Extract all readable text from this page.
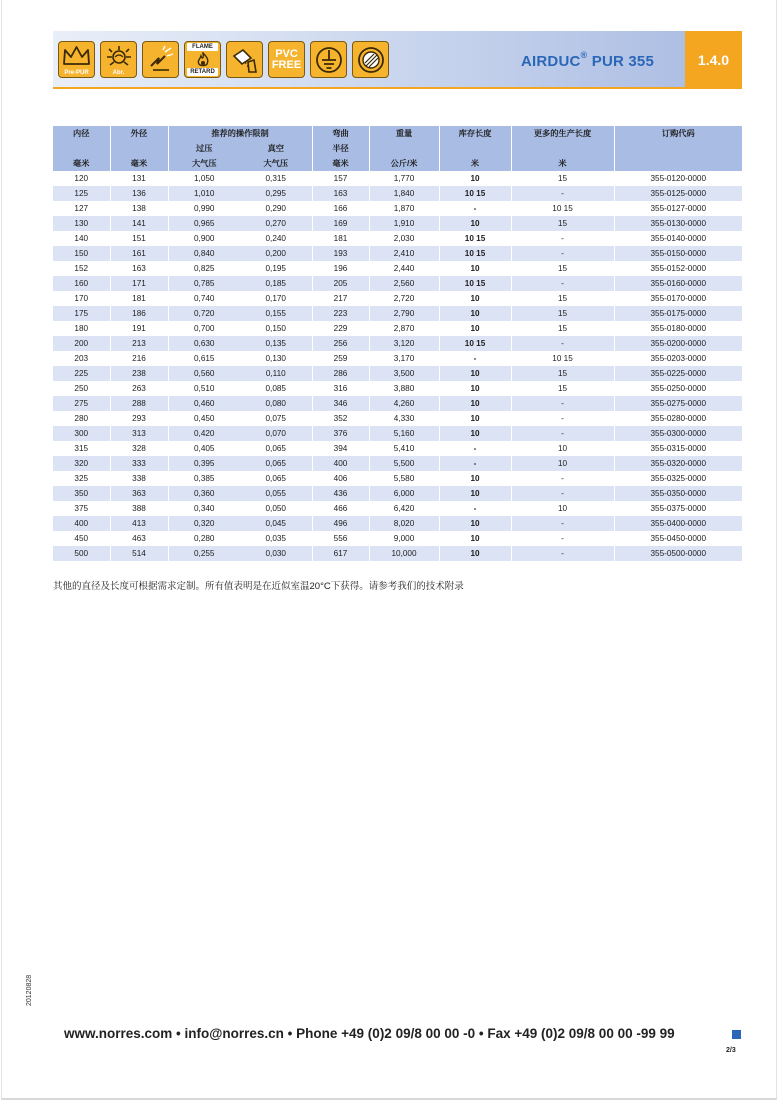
Pre-PUR	Abr.
FLAME
RETARD
PVC
FREE	AIRDUC® PUR 355	1.4.0
内径	外径	推荐的操作限制		弯曲	重量	库存长度	更多的生产长度	订购代码
		过压	真空	半径				
毫米	毫米	大气压	大气压	毫米	公斤/米	米	米	
120	131	1,050	0,315	157	1,770	10	15	355-0120-0000
125	136	1,010	0,295	163	1,840	10 15	-	355-0125-0000
127	138	0,990	0,290	166	1,870	-	10 15	355-0127-0000
130	141	0,965	0,270	169	1,910	10	15	355-0130-0000
140	151	0,900	0,240	181	2,030	10 15	-	355-0140-0000
150	161	0,840	0,200	193	2,410	10 15	-	355-0150-0000
152	163	0,825	0,195	196	2,440	10	15	355-0152-0000
160	171	0,785	0,185	205	2,560	10 15	-	355-0160-0000
170	181	0,740	0,170	217	2,720	10	15	355-0170-0000
175	186	0,720	0,155	223	2,790	10	15	355-0175-0000
180	191	0,700	0,150	229	2,870	10	15	355-0180-0000
200	213	0,630	0,135	256	3,120	10 15	-	355-0200-0000
203	216	0,615	0,130	259	3,170	-	10 15	355-0203-0000
225	238	0,560	0,110	286	3,500	10	15	355-0225-0000
250	263	0,510	0,085	316	3,880	10	15	355-0250-0000
275	288	0,460	0,080	346	4,260	10	-	355-0275-0000
280	293	0,450	0,075	352	4,330	10	-	355-0280-0000
300	313	0,420	0,070	376	5,160	10	-	355-0300-0000
315	328	0,405	0,065	394	5,410	-	10	355-0315-0000
320	333	0,395	0,065	400	5,500	-	10	355-0320-0000
325	338	0,385	0,065	406	5,580	10	-	355-0325-0000
350	363	0,360	0,055	436	6,000	10	-	355-0350-0000
375	388	0,340	0,050	466	6,420	-	10	355-0375-0000
400	413	0,320	0,045	496	8,020	10	-	355-0400-0000
450	463	0,280	0,035	556	9,000	10	-	355-0450-0000
500	514	0,255	0,030	617	10,000	10	-	355-0500-0000
其他的直径及长度可根据需求定制。所有值表明是在近似室温20°C下获得。请参考我们的技术附录
20120828
www.norres.com • info@norres.cn • Phone +49 (0)2 09/8 00 00 -0 • Fax +49 (0)2 09/8 00 00 -99 99
2/3
